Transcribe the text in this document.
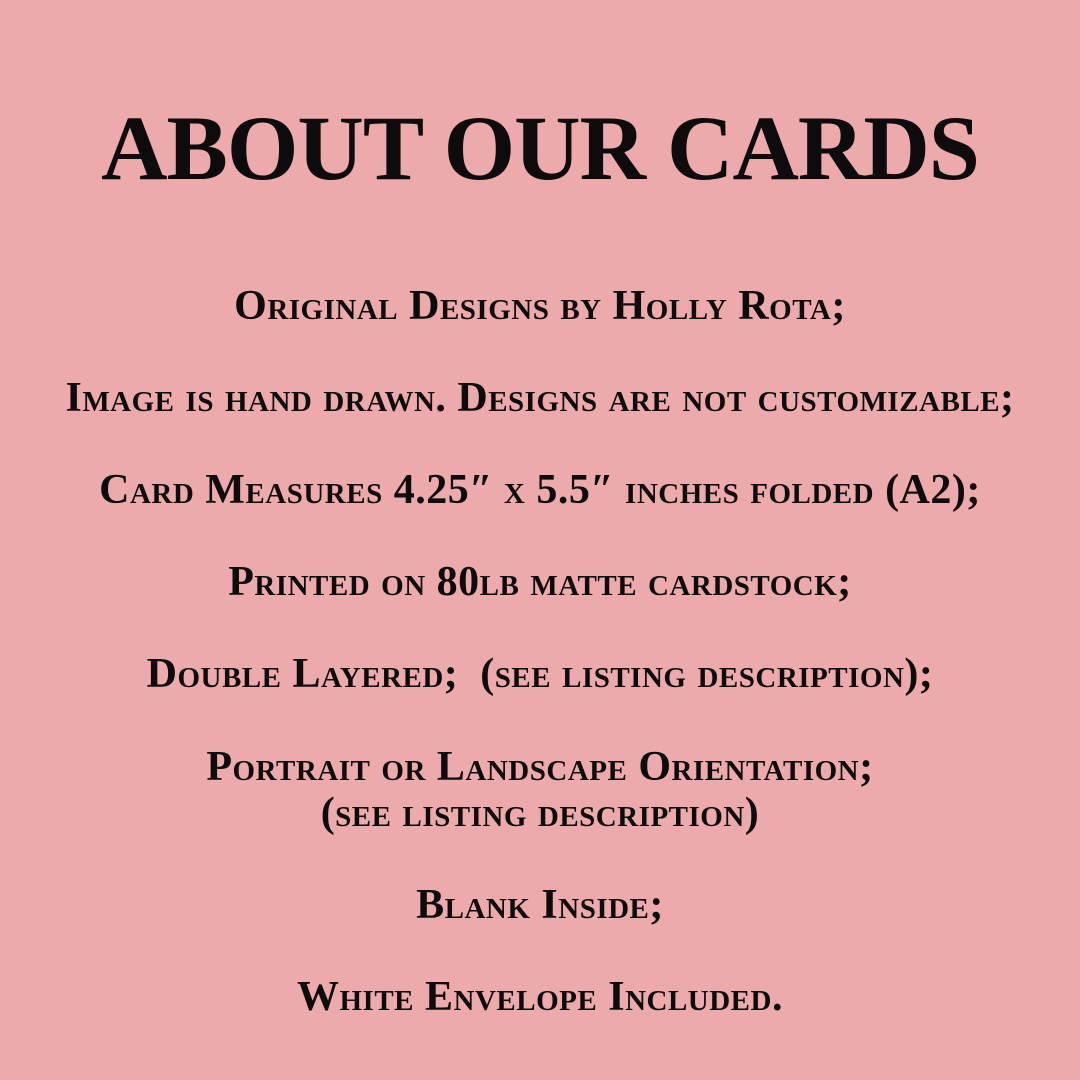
ABOUT OUR CARDS

Original Designs by Holly Rota;

Image is hand drawn. Designs are not customizable;

Card Measures 4.25″ x 5.5″ inches folded (A2);

Printed on 80lb matte cardstock;

Double Layered;  (see listing description);

Portrait or Landscape Orientation;
(see listing description)

Blank Inside;

White Envelope Included.
